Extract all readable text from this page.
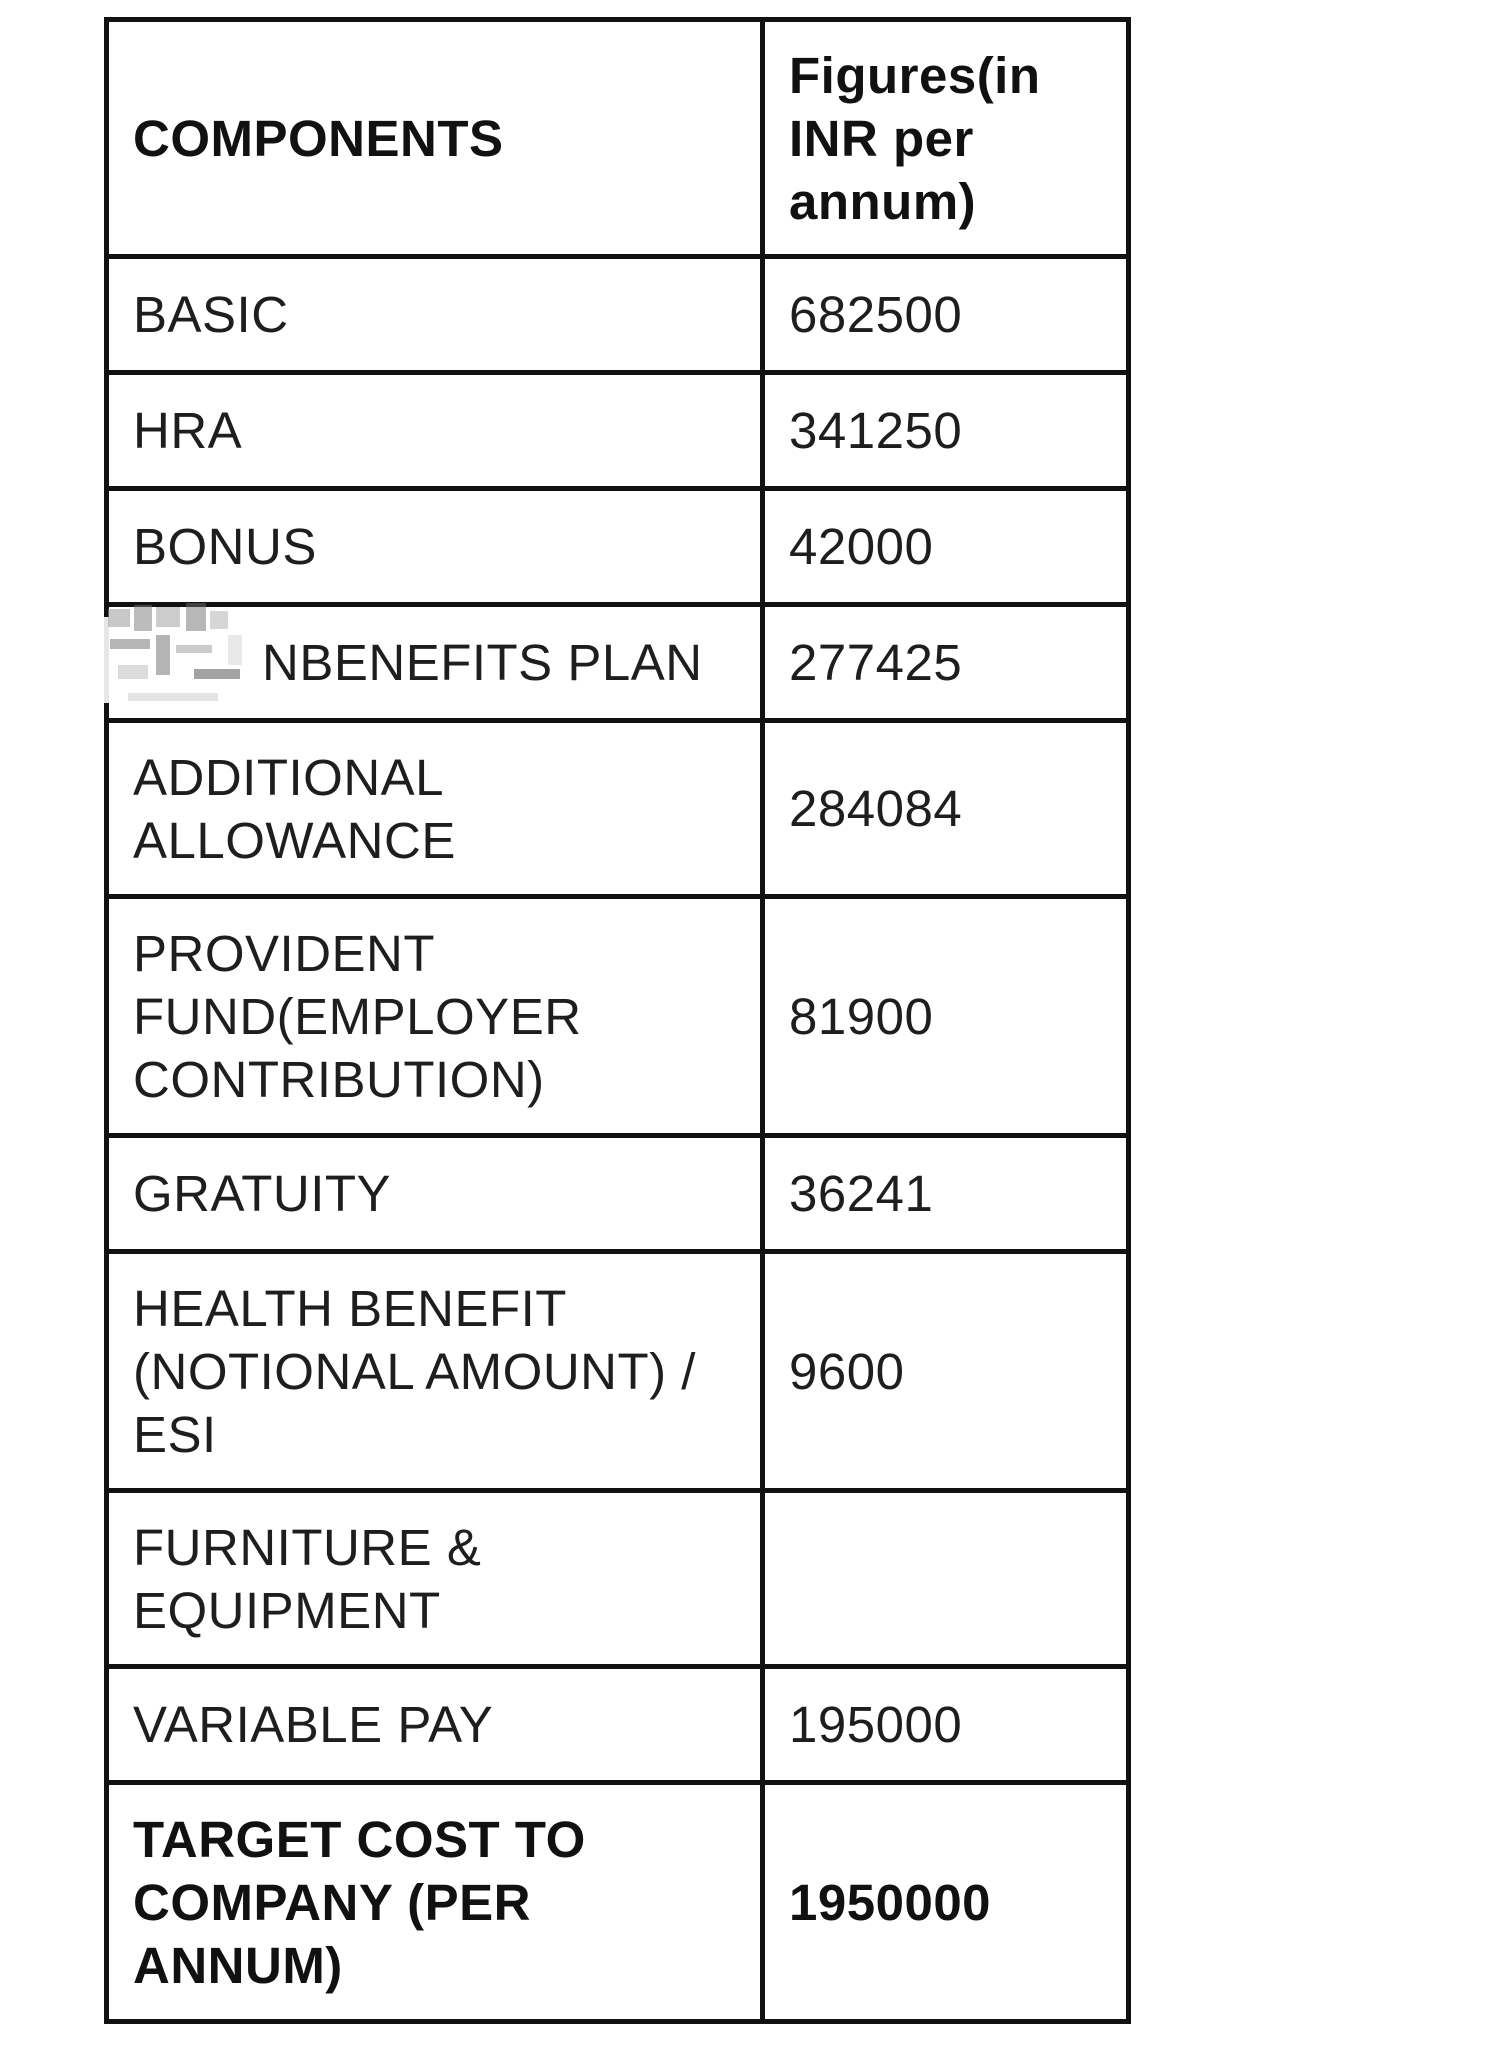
COMPONENTS	Figures(in INR per annum)

BASIC	682500

HRA	341250

BONUS	42000

NBENEFITS PLAN	277425

ADDITIONAL ALLOWANCE	284084

PROVIDENT FUND(EMPLOYER CONTRIBUTION)	81900

GRATUITY	36241

HEALTH BENEFIT (NOTIONAL AMOUNT) / ESI	9600

FURNITURE & EQUIPMENT	

VARIABLE PAY	195000

TARGET COST TO COMPANY (PER ANNUM)	1950000
